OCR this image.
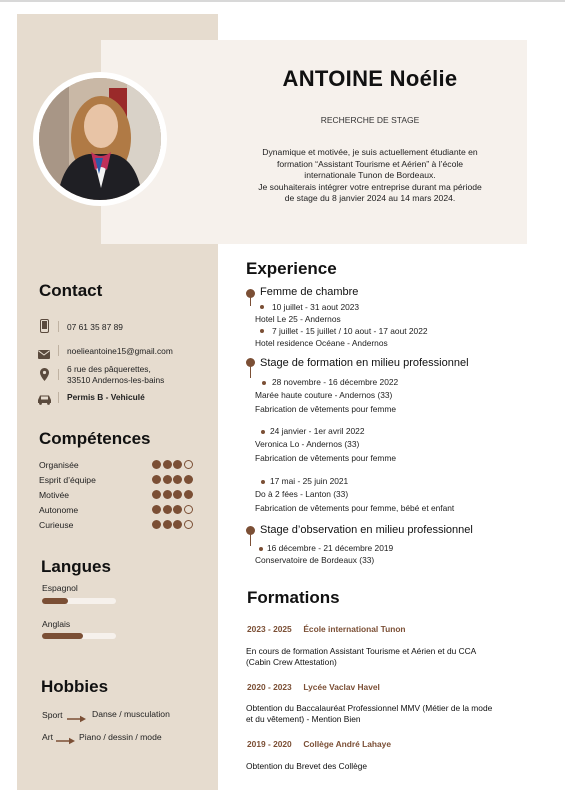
ANTOINE Noélie
RECHERCHE DE STAGE
Dynamique et motivée, je suis actuellement étudiante en
formation “Assistant Tourisme et Aérien” à l’école
internationale Tunon de Bordeaux.
Je souhaiterais intégrer votre entreprise durant ma période
de stage du 8 janvier 2024 au 14 mars 2024.
Contact
07 61 35 87 89
noelieantoine15@gmail.com
6 rue des pâquerettes,
33510 Andernos-les-bains
Permis B - Vehiculé
Compétences
Organisée
Esprit d’équipe
Motivée
Autonome
Curieuse
Langues
Espagnol
Anglais
Hobbies
Sport	Danse / musculation
Art	Piano / dessin / mode
Experience
Femme de chambre
10 juillet - 31 aout 2023
Hotel Le 25 - Andernos
7 juillet - 15 juillet / 10 aout - 17 aout 2022
Hotel residence Océane - Andernos
Stage de formation en milieu professionnel
28 novembre - 16 décembre 2022
Marée haute couture - Andernos (33)
Fabrication de vêtements pour femme
24 janvier - 1er avril 2022
Veronica Lo - Andernos (33)
Fabrication de vêtements pour femme
17 mai - 25 juin 2021
Do à 2 fées - Lanton (33)
Fabrication de vêtements pour femme, bébé et enfant
Stage d’observation en milieu professionnel
16 décembre - 21 décembre 2019
Conservatoire de Bordeaux (33)
Formations
2023 - 2025     École international Tunon
En cours de formation Assistant Tourisme et Aérien et du CCA
(Cabin Crew Attestation)
2020 - 2023     Lycée Vaclav Havel
Obtention du Baccalauréat Professionnel MMV (Métier de la mode
et du vêtement) - Mention Bien
2019 - 2020     Collège André Lahaye
Obtention du Brevet des Collège
